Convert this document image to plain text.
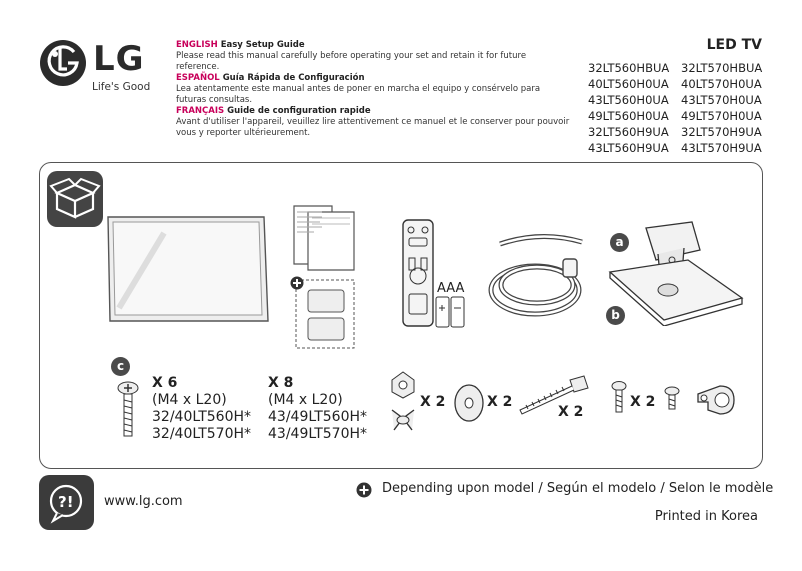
LG
Life's Good

ENGLISH Easy Setup Guide

Please read this manual carefully before operating your set and retain it for future reference.

ESPAÑOL Guía Rápida de Configuración

Lea atentamente este manual antes de poner en marcha el equipo y consérvelo para futuras consultas.

FRANÇAIS Guide de configuration rapide

Avant d'utiliser l'appareil, veuillez lire attentivement ce manuel et le conserver pour pouvoir vous y reporter ultérieurement.

LED TV
32LT560HBUA
40LT560H0UA
43LT560H0UA
49LT560H0UA
32LT560H9UA
43LT560H9UA
32LT570HBUA
40LT570H0UA
43LT570H0UA
49LT570H0UA
32LT570H9UA
43LT570H9UA
AAA
a
b
c
X 6
(M4 x L20)
32/40LT560H*
32/40LT570H*
X 8
(M4 x L20)
43/49LT560H*
43/49LT570H*
X 2	X 2
X 2
X 2
?! www.lg.com
Depending upon model / Según el modelo / Selon le modèle
Printed in Korea
